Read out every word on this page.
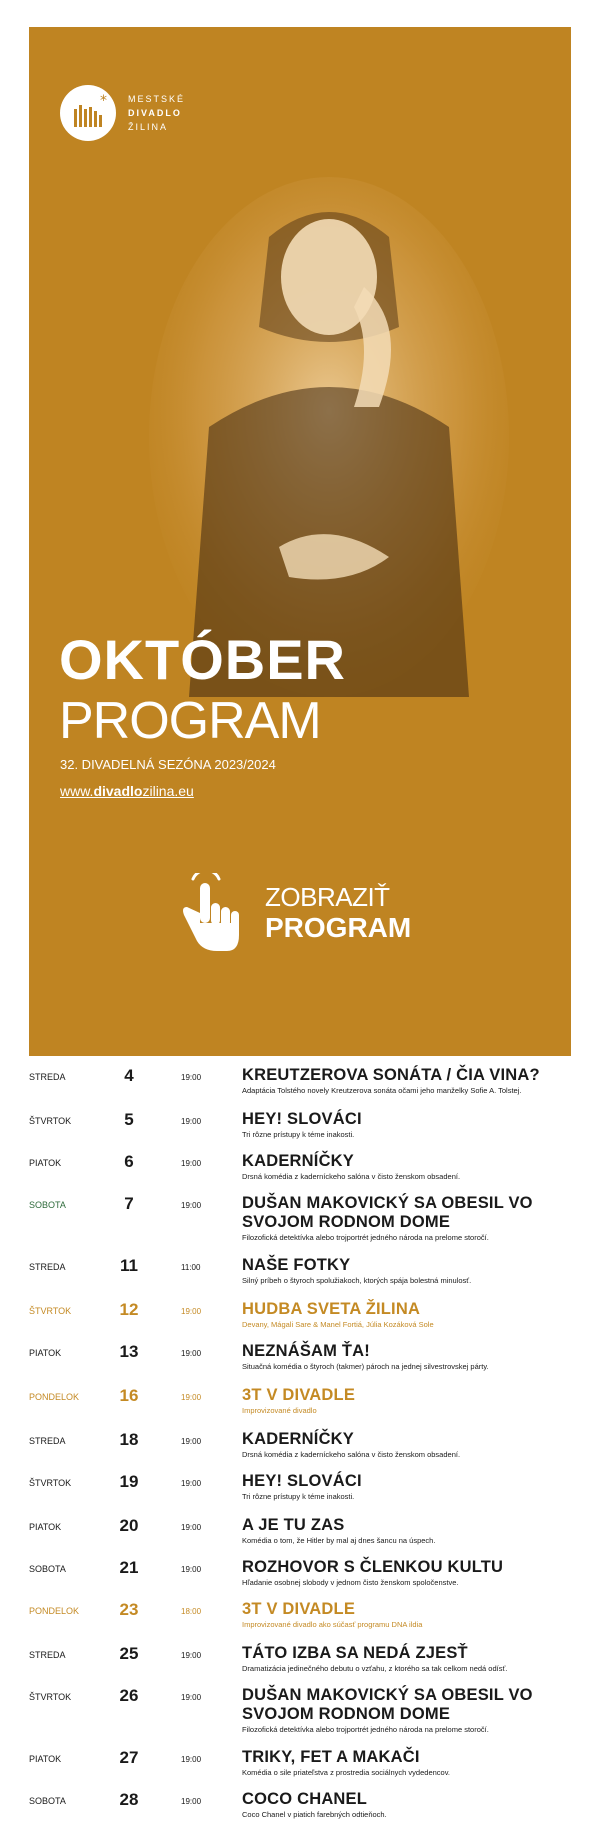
* MESTSKÉ
DIVADLO
ŽILINA
OKTÓBER
PROGRAM
32. DIVADELNÁ SEZÓNA 2023/2024
www.divadlozilina.eu
ZOBRAZIŤ
PROGRAM
STREDA	4	19:00 KREUTZEROVA SONÁTA / ČIA VINA?
Adaptácia Tolstého novely Kreutzerova sonáta očami jeho manželky Sofie A. Tolstej.
ŠTVRTOK	5	19:00 HEY! SLOVÁCI
Tri rôzne prístupy k téme inakosti.
PIATOK	6	19:00 KADERNÍČKY
Drsná komédia z kaderníckeho salóna v čisto ženskom obsadení.
SOBOTA	7	19:00 DUŠAN MAKOVICKÝ SA OBESIL VO SVOJOM RODNOM DOME
Filozofická detektívka alebo trojportrét jedného národa na prelome storočí.
STREDA	11	11:00	NAŠE FOTKY
Silný príbeh o štyroch spolužiakoch, ktorých spája bolestná minulosť.
ŠTVRTOK	12	19:00 HUDBA SVETA ŽILINA
Devany, Mágali Sare & Manel Fortiá, Júlia Kozáková Sole
PIATOK	13	19:00 NEZNÁŠAM ŤA!
Situačná komédia o štyroch (takmer) pároch na jednej silvestrovskej párty.
PONDELOK	16	19:00 3T V DIVADLE
Improvizované divadlo
STREDA	18	19:00 KADERNÍČKY
Drsná komédia z kaderníckeho salóna v čisto ženskom obsadení.
ŠTVRTOK	19	19:00 HEY! SLOVÁCI
Tri rôzne prístupy k téme inakosti.
PIATOK	20	19:00 A JE TU ZAS
Komédia o tom, že Hitler by mal aj dnes šancu na úspech.
SOBOTA	21	19:00 ROZHOVOR S ČLENKOU KULTU
Hľadanie osobnej slobody v jednom čisto ženskom spoločenstve.
PONDELOK	23	18:00 3T V DIVADLE
Improvizované divadlo ako súčasť programu DNA ildia
STREDA	25	19:00 TÁTO IZBA SA NEDÁ ZJESŤ
Dramatizácia jedinečného debutu o vzťahu, z ktorého sa tak celkom nedá odísť.
ŠTVRTOK	26	19:00 DUŠAN MAKOVICKÝ SA OBESIL VO SVOJOM RODNOM DOME
Filozofická detektívka alebo trojportrét jedného národa na prelome storočí.
PIATOK	27	19:00 TRIKY, FET A MAKAČI
Komédia o sile priateľstva z prostredia sociálnych vydedencov.
SOBOTA	28	19:00 COCO CHANEL
Coco Chanel v piatich farebných odtieňoch.
